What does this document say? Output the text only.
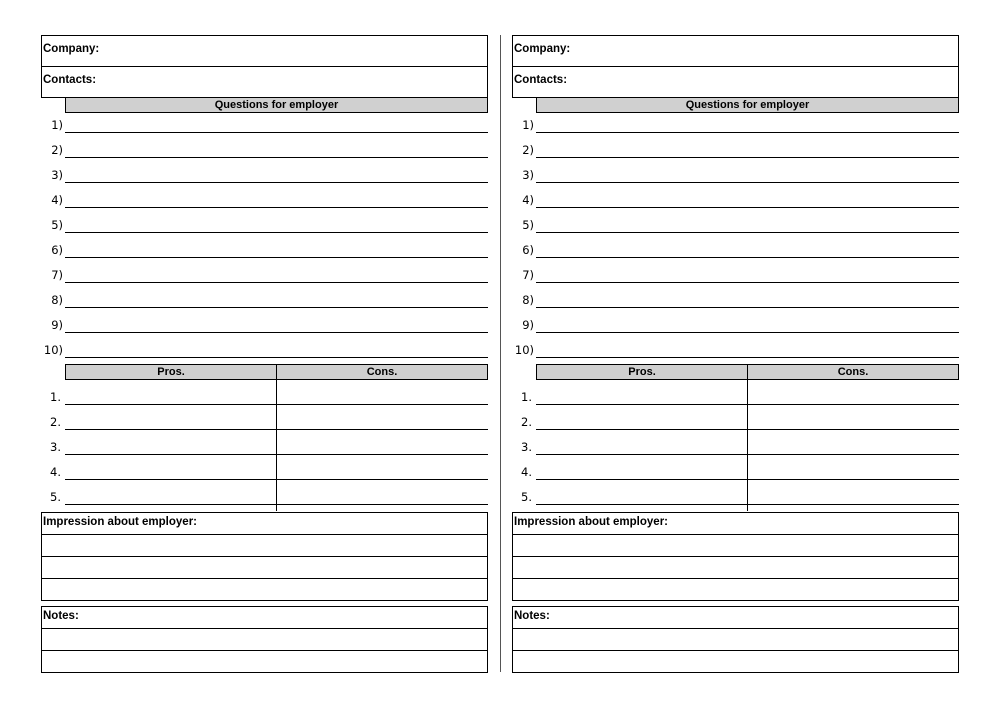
Company:
Contacts:
Questions for employer
1)
2)
3)
4)
5)
6)
7)
8)
9)
10)
Pros.	Cons.
1.
2.
3.
4.
5.
Impression about employer:
Notes:
Company:
Contacts:
Questions for employer
1)
2)
3)
4)
5)
6)
7)
8)
9)
10)
Pros.	Cons.
1.
2.
3.
4.
5.
Impression about employer:
Notes:
